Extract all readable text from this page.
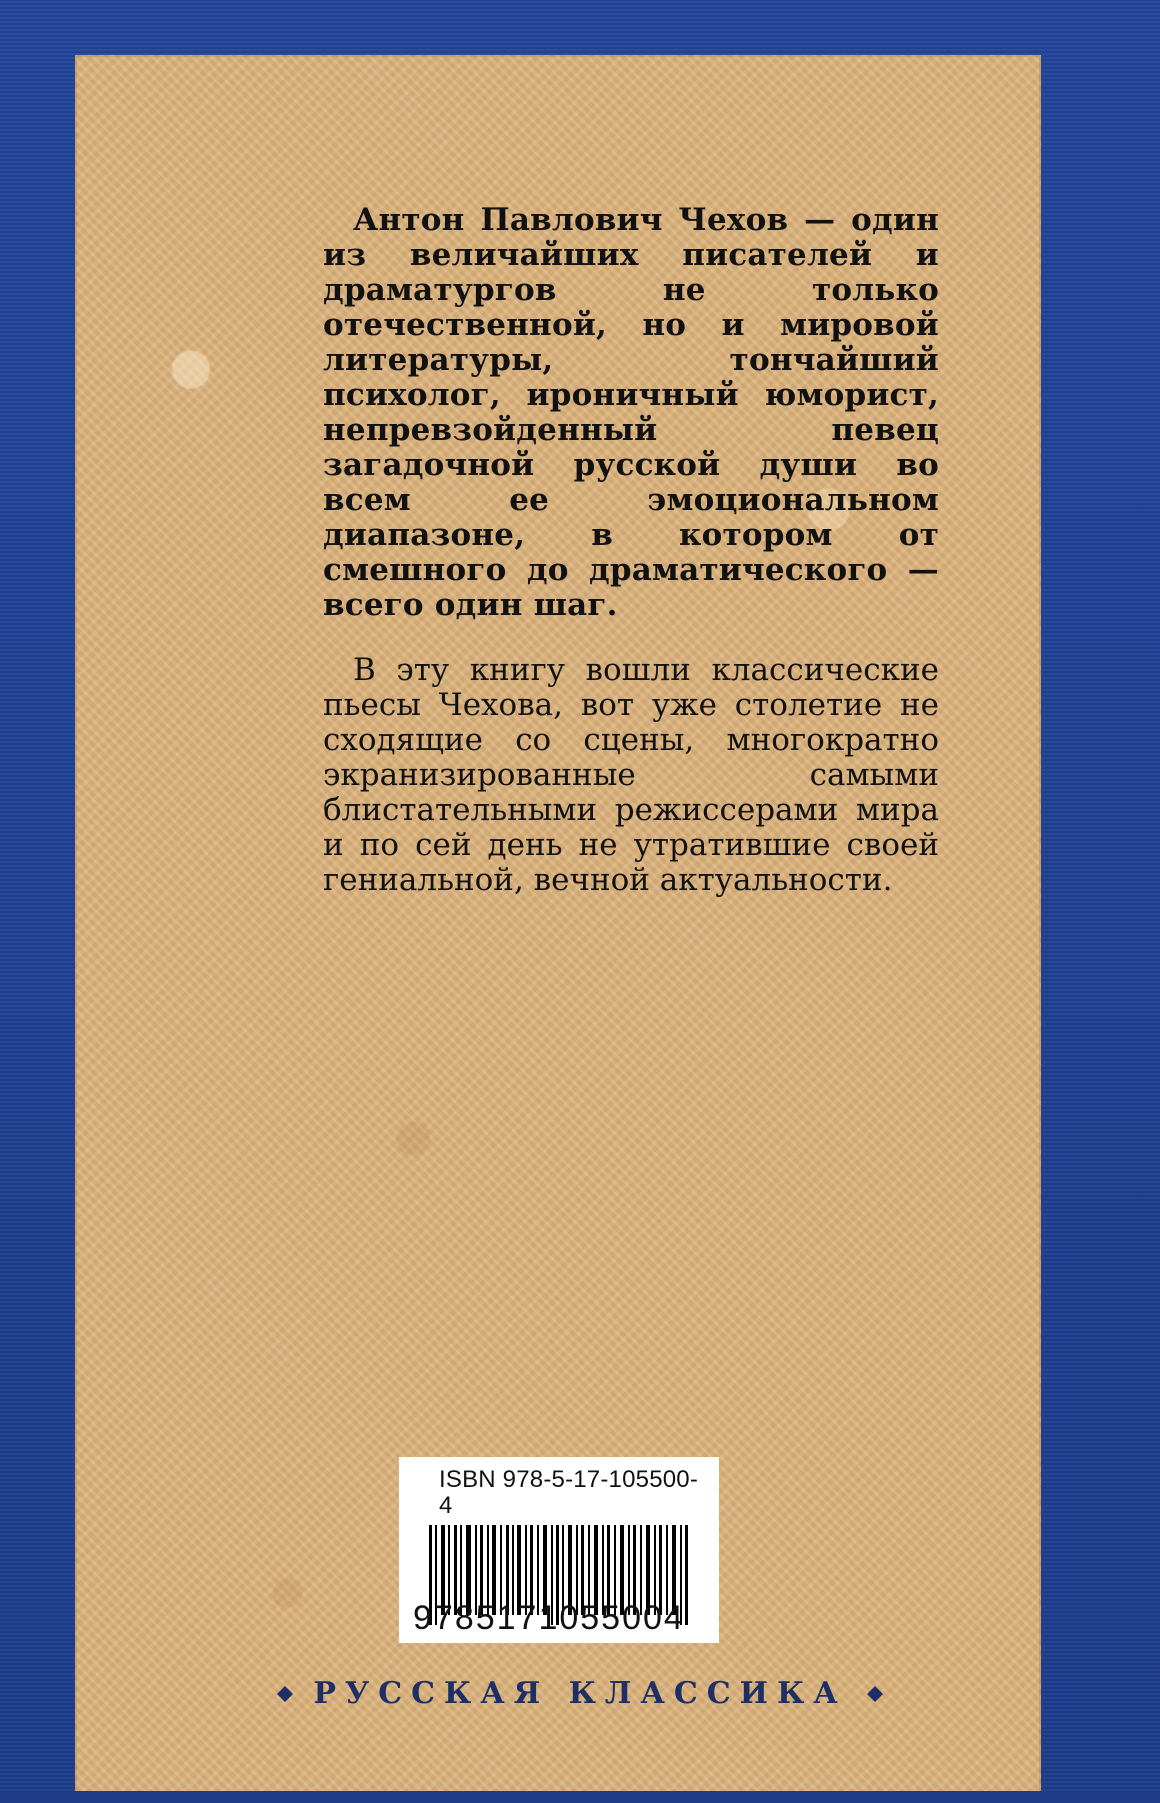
Антон Павлович Чехов — один из величайших писателей и драматургов не только отечественной, но и мировой литературы, тончайший психолог, ироничный юморист, непревзойденный певец загадочной русской души во всем ее эмоциональном диапазоне, в котором от смешного до драматического — всего один шаг.

В эту книгу вошли классические пьесы Чехова, вот уже столетие не сходящие со сцены, многократно экранизированные самыми блистательными режиссерами мира и по сей день не утратившие своей гениальной, вечной актуальности.

ISBN 978-5-17-105500-4
9785171055004
РУССКАЯ КЛАССИКА
